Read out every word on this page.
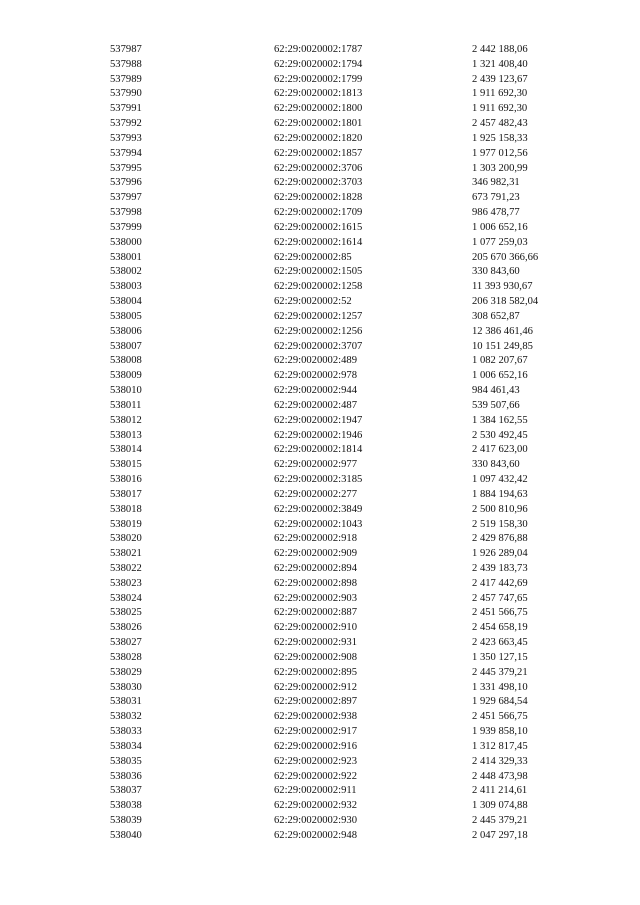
537987	62:29:0020002:1787	2 442 188,06
537988	62:29:0020002:1794	1 321 408,40
537989	62:29:0020002:1799	2 439 123,67
537990	62:29:0020002:1813	1 911 692,30
537991	62:29:0020002:1800	1 911 692,30
537992	62:29:0020002:1801	2 457 482,43
537993	62:29:0020002:1820	1 925 158,33
537994	62:29:0020002:1857	1 977 012,56
537995	62:29:0020002:3706	1 303 200,99
537996	62:29:0020002:3703	346 982,31
537997	62:29:0020002:1828	673 791,23
537998	62:29:0020002:1709	986 478,77
537999	62:29:0020002:1615	1 006 652,16
538000	62:29:0020002:1614	1 077 259,03
538001	62:29:0020002:85	205 670 366,66
538002	62:29:0020002:1505	330 843,60
538003	62:29:0020002:1258	11 393 930,67
538004	62:29:0020002:52	206 318 582,04
538005	62:29:0020002:1257	308 652,87
538006	62:29:0020002:1256	12 386 461,46
538007	62:29:0020002:3707	10 151 249,85
538008	62:29:0020002:489	1 082 207,67
538009	62:29:0020002:978	1 006 652,16
538010	62:29:0020002:944	984 461,43
538011	62:29:0020002:487	539 507,66
538012	62:29:0020002:1947	1 384 162,55
538013	62:29:0020002:1946	2 530 492,45
538014	62:29:0020002:1814	2 417 623,00
538015	62:29:0020002:977	330 843,60
538016	62:29:0020002:3185	1 097 432,42
538017	62:29:0020002:277	1 884 194,63
538018	62:29:0020002:3849	2 500 810,96
538019	62:29:0020002:1043	2 519 158,30
538020	62:29:0020002:918	2 429 876,88
538021	62:29:0020002:909	1 926 289,04
538022	62:29:0020002:894	2 439 183,73
538023	62:29:0020002:898	2 417 442,69
538024	62:29:0020002:903	2 457 747,65
538025	62:29:0020002:887	2 451 566,75
538026	62:29:0020002:910	2 454 658,19
538027	62:29:0020002:931	2 423 663,45
538028	62:29:0020002:908	1 350 127,15
538029	62:29:0020002:895	2 445 379,21
538030	62:29:0020002:912	1 331 498,10
538031	62:29:0020002:897	1 929 684,54
538032	62:29:0020002:938	2 451 566,75
538033	62:29:0020002:917	1 939 858,10
538034	62:29:0020002:916	1 312 817,45
538035	62:29:0020002:923	2 414 329,33
538036	62:29:0020002:922	2 448 473,98
538037	62:29:0020002:911	2 411 214,61
538038	62:29:0020002:932	1 309 074,88
538039	62:29:0020002:930	2 445 379,21
538040	62:29:0020002:948	2 047 297,18
